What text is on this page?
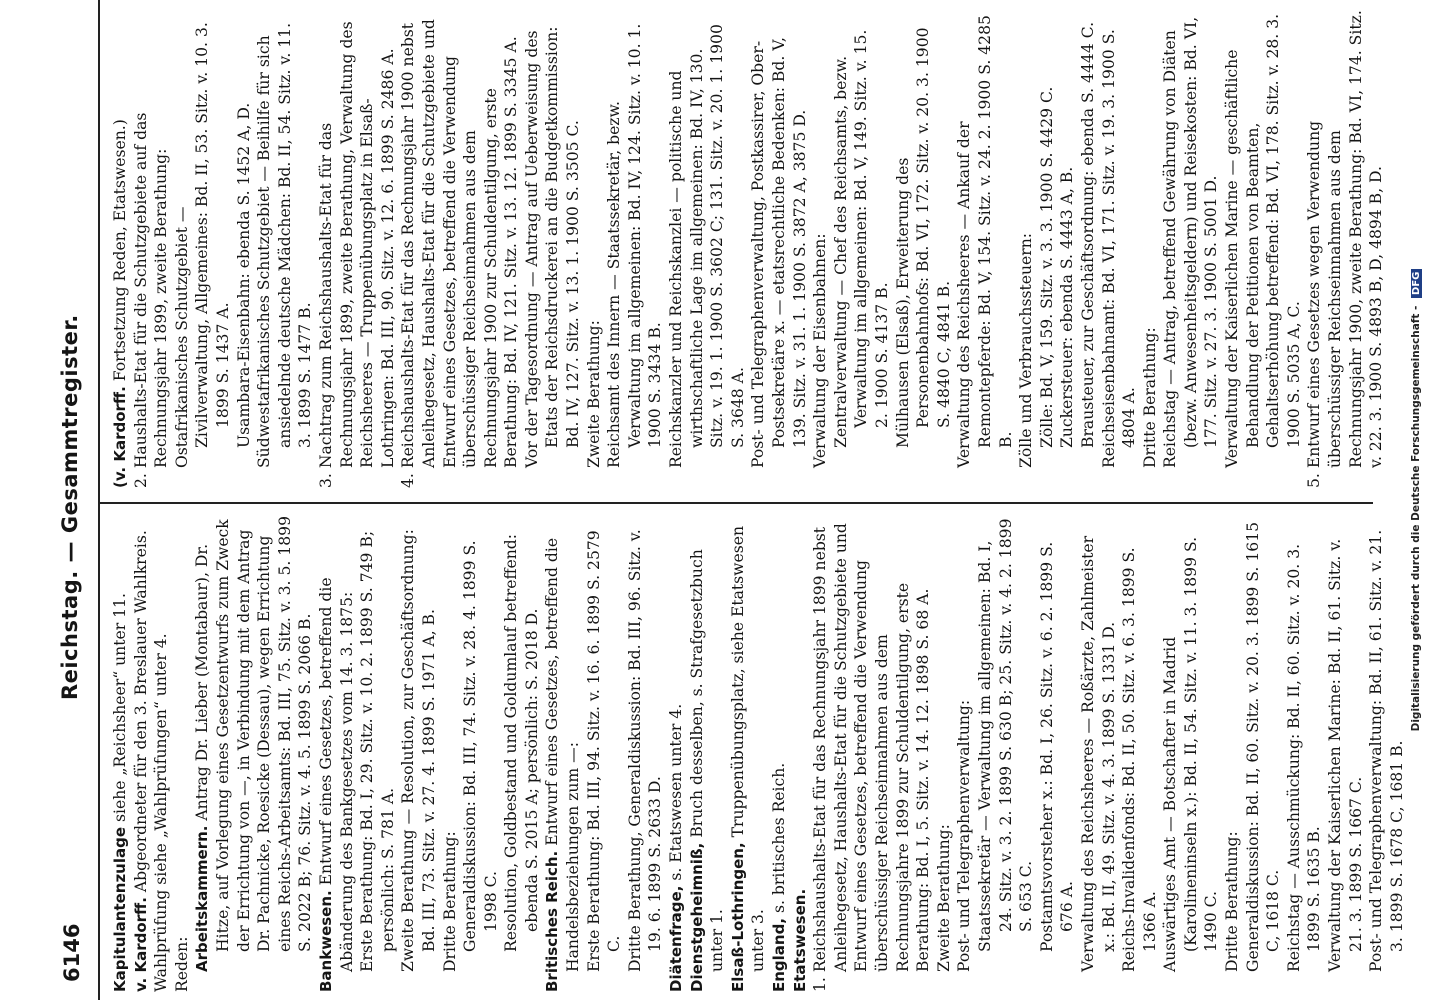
6146
Reichstag. — Gesammtregister.

Kapitulantenzulage siehe „Reichsheer“ unter 11.

v. Kardorff. Abgeordneter für den 3. Breslauer Wahlkreis. Wahlprüfung siehe „Wahlprüfungen“ unter 4. Reden: Arbeitskammern. Antrag Dr. Lieber (Montabaur), Dr. Hitze, auf Vorlegung eines Gesetzentwurfs zum Zweck der Errichtung von —, in Verbindung mit dem Antrag Dr. Pachnicke, Roesicke (Dessau), wegen Errichtung eines Reichs-Arbeitsamts: Bd. III, 75. Sitz. v. 3. 5. 1899 S. 2022 B; 76. Sitz. v. 4. 5. 1899 S. 2066 B. Bankwesen. Entwurf eines Gesetzes, betreffend die Abänderung des Bankgesetzes vom 14. 3. 1875: Erste Berathung: Bd. I, 29. Sitz. v. 10. 2. 1899 S. 749 B; persönlich: S. 781 A. Zweite Berathung — Resolution, zur Geschäftsordnung: Bd. III, 73. Sitz. v. 27. 4. 1899 S. 1971 A, B. Dritte Berathung: Generaldiskussion: Bd. III, 74. Sitz. v. 28. 4. 1899 S. 1998 C. Resolution, Goldbestand und Goldumlauf betreffend: ebenda S. 2015 A; persönlich: S. 2018 D. Britisches Reich. Entwurf eines Gesetzes, betreffend die Handelsbeziehungen zum —: Erste Berathung: Bd. III, 94. Sitz. v. 16. 6. 1899 S. 2579 C. Dritte Berathung, Generaldiskussion: Bd. III, 96. Sitz. v. 19. 6. 1899 S. 2633 D. Diätenfrage, s. Etatswesen unter 4.

Dienstgeheimniß, Bruch desselben, s. Strafgesetzbuch unter 1. Elsaß-Lothringen, Truppenübungsplatz, siehe Etatswesen unter 3. England, s. britisches Reich.

Etatswesen. 1. Reichshaushalts-Etat für das Rechnungsjahr 1899 nebst Anleihegesetz, Haushalts-Etat für die Schutzgebiete und Entwurf eines Gesetzes, betreffend die Verwendung überschüssiger Reichseinnahmen aus dem Rechnungsjahre 1899 zur Schuldentilgung, erste Berathung: Bd. I, 5. Sitz. v. 14. 12. 1898 S. 68 A. Zweite Berathung: Post- und Telegraphenverwaltung: Staatssekretär — Verwaltung im allgemeinen: Bd. I, 24. Sitz. v. 3. 2. 1899 S. 630 B; 25. Sitz. v. 4. 2. 1899 S. 653 C. Postamtsvorsteher x.: Bd. I, 26. Sitz. v. 6. 2. 1899 S. 676 A. Verwaltung des Reichsheeres — Roßärzte, Zahlmeister x.: Bd. II, 49. Sitz. v. 4. 3. 1899 S. 1331 D. Reichs-Invalidenfonds: Bd. II, 50. Sitz. v. 6. 3. 1899 S. 1366 A. Auswärtiges Amt — Botschafter in Madrid (Karolineninseln x.): Bd. II, 54. Sitz. v. 11. 3. 1899 S. 1490 C. Dritte Berathung: Generaldiskussion: Bd. II, 60. Sitz. v. 20. 3. 1899 S. 1615 C, 1618 C. Reichstag — Ausschmückung: Bd. II, 60. Sitz. v. 20. 3. 1899 S. 1635 B. Verwaltung der Kaiserlichen Marine: Bd. II, 61. Sitz. v. 21. 3. 1899 S. 1667 C. Post- und Telegraphenverwaltung: Bd. II, 61. Sitz. v. 21. 3. 1899 S. 1678 C, 1681 B.

(v. Kardorff. Fortsetzung Reden, Etatswesen.) 2. Haushalts-Etat für die Schutzgebiete auf das Rechnungsjahr 1899, zweite Berathung: Ostafrikanisches Schutzgebiet — Zivilverwaltung, Allgemeines: Bd. II, 53. Sitz. v. 10. 3. 1899 S. 1437 A. Usambara-Eisenbahn: ebenda S. 1452 A, D. Südwestafrikanisches Schutzgebiet — Beihilfe für sich ansiedelnde deutsche Mädchen: Bd. II, 54. Sitz. v. 11. 3. 1899 S. 1477 B. 3. Nachtrag zum Reichshaushalts-Etat für das Rechnungsjahr 1899, zweite Berathung, Verwaltung des Reichsheeres — Truppenübungsplatz in Elsaß-Lothringen: Bd. III, 90. Sitz. v. 12. 6. 1899 S. 2486 A. 4. Reichshaushalts-Etat für das Rechnungsjahr 1900 nebst Anleihegesetz, Haushalts-Etat für die Schutzgebiete und Entwurf eines Gesetzes, betreffend die Verwendung überschüssiger Reichseinnahmen aus dem Rechnungsjahr 1900 zur Schuldentilgung, erste Berathung: Bd. IV, 121. Sitz. v. 13. 12. 1899 S. 3345 A. Vor der Tagesordnung — Antrag auf Ueberweisung des Etats der Reichsdruckerei an die Budgetkommission: Bd. IV, 127. Sitz. v. 13. 1. 1900 S. 3505 C. Zweite Berathung: Reichsamt des Innern — Staatssekretär, bezw. Verwaltung im allgemeinen: Bd. IV, 124. Sitz. v. 10. 1. 1900 S. 3434 B. Reichskanzler und Reichskanzlei — politische und wirthschaftliche Lage im allgemeinen: Bd. IV, 130. Sitz. v. 19. 1. 1900 S. 3602 C; 131. Sitz. v. 20. 1. 1900 S. 3648 A. Post- und Telegraphenverwaltung, Postkassirer, Ober-Postsekretäre x. — etatsrechtliche Bedenken: Bd. V, 139. Sitz. v. 31. 1. 1900 S. 3872 A, 3875 D. Verwaltung der Eisenbahnen: Zentralverwaltung — Chef des Reichsamts, bezw. Verwaltung im allgemeinen: Bd. V, 149. Sitz. v. 15. 2. 1900 S. 4137 B. Mülhausen (Elsaß), Erweiterung des Personenbahnhofs: Bd. VI, 172. Sitz. v. 20. 3. 1900 S. 4840 C, 4841 B. Verwaltung des Reichsheeres — Ankauf der Remontepferde: Bd. V, 154. Sitz. v. 24. 2. 1900 S. 4285 B. Zölle und Verbrauchssteuern: Zölle: Bd. V, 159. Sitz. v. 3. 3. 1900 S. 4429 C. Zuckersteuer: ebenda S. 4443 A, B. Brausteuer, zur Geschäftsordnung: ebenda S. 4444 C. Reichseisenbahnamt: Bd. VI, 171. Sitz. v. 19. 3. 1900 S. 4804 A. Dritte Berathung: Reichstag — Antrag, betreffend Gewährung von Diäten (bezw. Anwesenheitsgeldern) und Reisekosten: Bd. VI, 177. Sitz. v. 27. 3. 1900 S. 5001 D. Verwaltung der Kaiserlichen Marine — geschäftliche Behandlung der Petitionen von Beamten, Gehaltserhöhung betreffend: Bd. VI, 178. Sitz. v. 28. 3. 1900 S. 5035 A, C. 5. Entwurf eines Gesetzes wegen Verwendung überschüssiger Reichseinnahmen aus dem Rechnungsjahr 1900, zweite Berathung: Bd. VI, 174. Sitz. v. 22. 3. 1900 S. 4893 B, D, 4894 B, D. Digitalisierung gefördert durch die Deutsche Forschungsgemeinschaft - DFG
